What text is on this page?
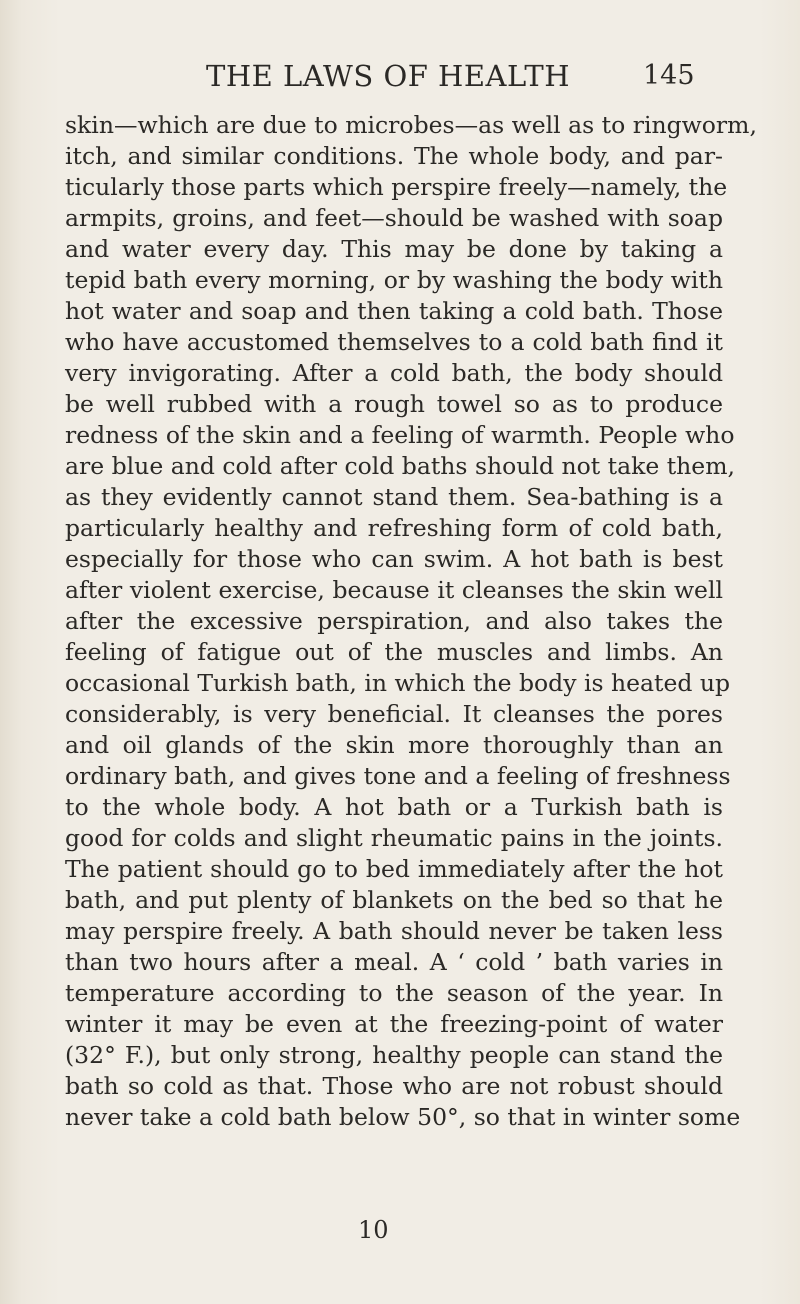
THE LAWS OF HEALTH	145
skin—which are due to microbes—as well as to ringworm,
itch, and similar conditions. The whole body, and par-
ticularly those parts which perspire freely—namely, the
armpits, groins, and feet—should be washed with soap
and water every day. This may be done by taking a
tepid bath every morning, or by washing the body with
hot water and soap and then taking a cold bath. Those
who have accustomed themselves to a cold bath find it
very invigorating. After a cold bath, the body should
be well rubbed with a rough towel so as to produce
redness of the skin and a feeling of warmth. People who
are blue and cold after cold baths should not take them,
as they evidently cannot stand them. Sea-bathing is a
particularly healthy and refreshing form of cold bath,
especially for those who can swim. A hot bath is best
after violent exercise, because it cleanses the skin well
after the excessive perspiration, and also takes the
feeling of fatigue out of the muscles and limbs. An
occasional Turkish bath, in which the body is heated up
considerably, is very beneficial. It cleanses the pores
and oil glands of the skin more thoroughly than an
ordinary bath, and gives tone and a feeling of freshness
to the whole body. A hot bath or a Turkish bath is
good for colds and slight rheumatic pains in the joints.
The patient should go to bed immediately after the hot
bath, and put plenty of blankets on the bed so that he
may perspire freely. A bath should never be taken less
than two hours after a meal. A ‘ cold ’ bath varies in
temperature according to the season of the year. In
winter it may be even at the freezing-point of water
(32° F.), but only strong, healthy people can stand the
bath so cold as that. Those who are not robust should
never take a cold bath below 50°, so that in winter some
10
